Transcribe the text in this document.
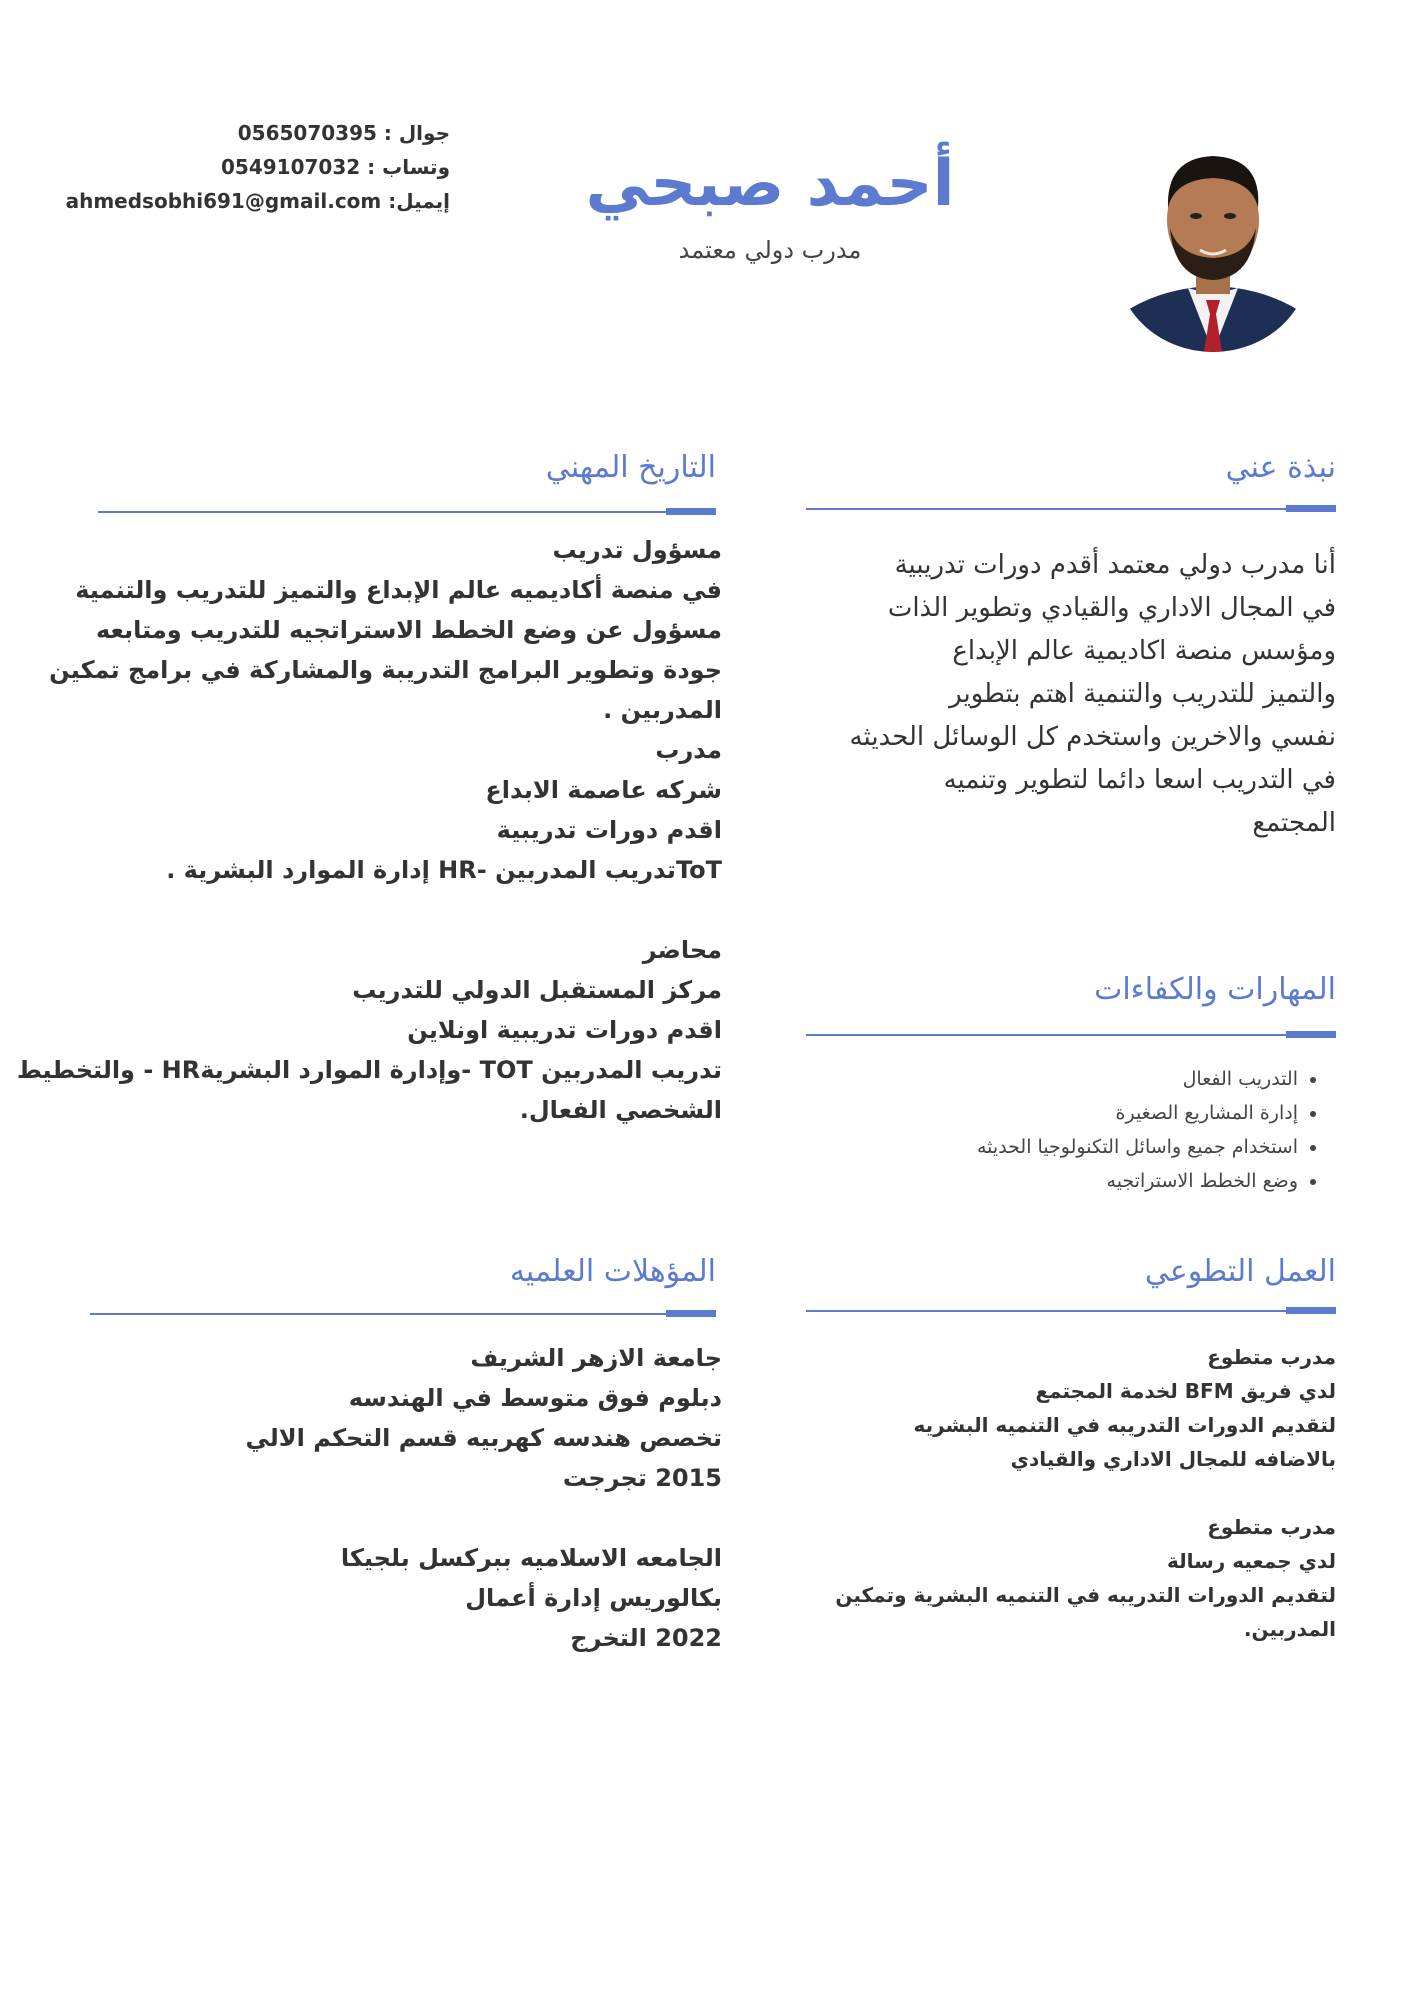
أحمد صبحي
مدرب دولي معتمد
جوال : 0565070395
وتساب : 0549107032
إيميل: ahmedsobhi691@gmail.com
نبذة عني
أنا مدرب دولي معتمد أقدم دورات تدريبية
في المجال الاداري والقيادي وتطوير الذات
ومؤسس منصة اكاديمية عالم الإبداع
والتميز للتدريب والتنمية اهتم بتطوير
نفسي والاخرين واستخدم كل الوسائل الحديثه
في التدريب اسعا دائما لتطوير وتنميه
المجتمع
التاريخ المهني
مسؤول تدريب
في منصة أكاديميه عالم الإبداع والتميز للتدريب والتنمية
مسؤول عن وضع الخطط الاستراتجيه للتدريب ومتابعه
جودة وتطوير البرامج التدريبة والمشاركة في برامج تمكين
المدربين .
مدرب
شركه عاصمة الابداع
اقدم دورات تدريبية
ToTتدريب المدربين -HR إدارة الموارد البشرية .
محاضر
مركز المستقبل الدولي للتدريب
اقدم دورات تدريبية اونلاين
تدريب المدربين TOT -وإدارة الموارد البشريةHR - والتخطيط
الشخصي الفعال.
المهارات والكفاءات
• التدريب الفعال
• إدارة المشاريع الصغيرة
• استخدام جميع واسائل التكنولوجيا الحديثه
• وضع الخطط الاستراتجيه
العمل التطوعي
مدرب متطوع
لدي فريق BFM لخدمة المجتمع
لتقديم الدورات التدريبه في التنميه البشريه
بالاضافه للمجال الاداري والقيادي
مدرب متطوع
لدي جمعيه رسالة
لتقديم الدورات التدريبه في التنميه البشرية وتمكين
المدربين.
المؤهلات العلميه
جامعة الازهر الشريف
دبلوم فوق متوسط في الهندسه
تخصص هندسه كهربيه قسم التحكم الالي
2015 تجرجت
الجامعه الاسلاميه ببركسل بلجيكا
بكالوريس إدارة أعمال
2022 التخرج
